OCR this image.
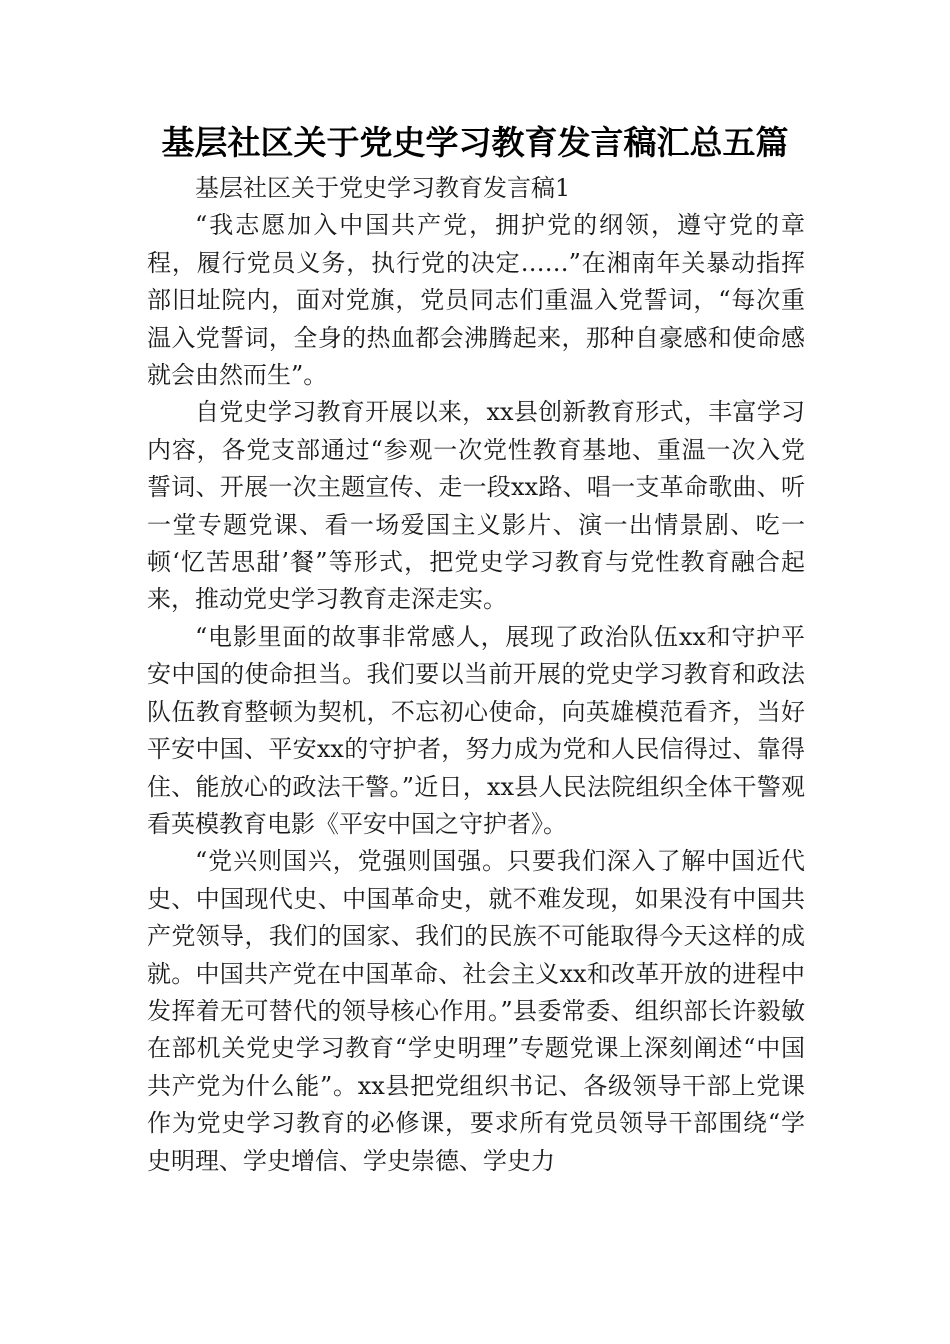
基层社区关于党史学习教育发言稿汇总五篇

基层社区关于党史学习教育发言稿1

“我志愿加入中国共产党，拥护党的纲领，遵守党的章程，履行党员义务，执行党的决定……”在湘南年关暴动指挥部旧址院内，面对党旗，党员同志们重温入党誓词，“每次重温入党誓词，全身的热血都会沸腾起来，那种自豪感和使命感就会由然而生”。

自党史学习教育开展以来，xx县创新教育形式，丰富学习内容，各党支部通过“参观一次党性教育基地、重温一次入党誓词、开展一次主题宣传、走一段xx路、唱一支革命歌曲、听一堂专题党课、看一场爱国主义影片、演一出情景剧、吃一顿‘忆苦思甜’餐”等形式，把党史学习教育与党性教育融合起来，推动党史学习教育走深走实。

“电影里面的故事非常感人，展现了政治队伍xx和守护平安中国的使命担当。我们要以当前开展的党史学习教育和政法队伍教育整顿为契机，不忘初心使命，向英雄模范看齐，当好平安中国、平安xx的守护者，努力成为党和人民信得过、靠得住、能放心的政法干警。”近日，xx县人民法院组织全体干警观看英模教育电影《平安中国之守护者》。

“党兴则国兴，党强则国强。只要我们深入了解中国近代史、中国现代史、中国革命史，就不难发现，如果没有中国共产党领导，我们的国家、我们的民族不可能取得今天这样的成就。中国共产党在中国革命、社会主义xx和改革开放的进程中发挥着无可替代的领导核心作用。”县委常委、组织部长许毅敏在部机关党史学习教育“学史明理”专题党课上深刻阐述“中国共产党为什么能”。xx县把党组织书记、各级领导干部上党课作为党史学习教育的必修课，要求所有党员领导干部围绕“学史明理、学史增信、学史崇德、学史力
